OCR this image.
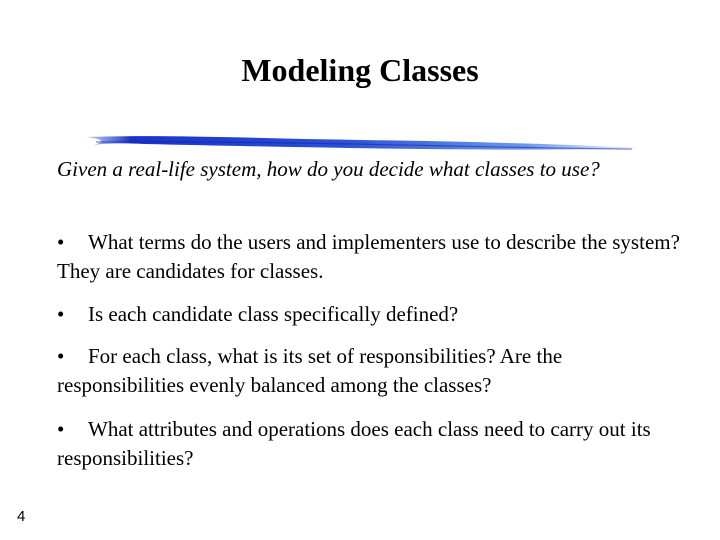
Modeling Classes
Given a real-life system, how do you decide what classes to use?
• What terms do the users and implementers use to describe the system? They are candidates for classes.
• Is each candidate class specifically defined?
• For each class, what is its set of responsibilities? Are the responsibilities evenly balanced among the classes?
• What attributes and operations does each class need to carry out its responsibilities?
4
